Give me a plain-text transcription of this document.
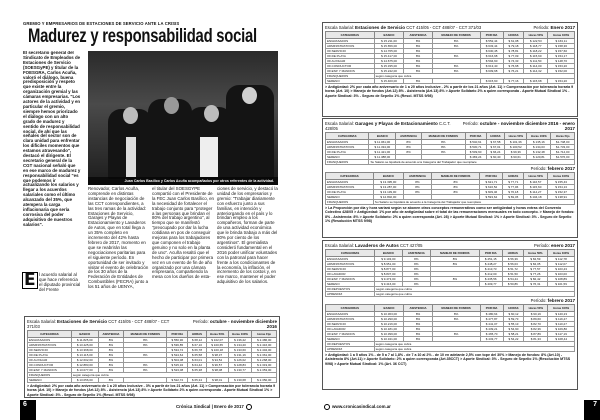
GREMIO Y EMPRESARIOS DE ESTACIONES DE SERVICIO ANTE LA CRISIS
Madurez y responsabilidad social
El secretario general del Sindicato de Empleados de Estaciones de Servicio (SOESGyPE) y titular de la FOESGRA, Carlos Acuña, valoró el diálogo, buena predisposición y respeto que existe entre la organización gremial y las cámaras empresarias. "Los actores de la actividad y en particular el gremio, siempre hemos priorizado el diálogo con un alto grado de madurez y sentido de responsabilidad social, de ahí que las señales del sector son de clara unidad para enfrentar los difíciles momentos que estamos atravesando", destacó el dirigente. El secretario general de la CGT nacional señaló que en ese marco de madurez y responsabilidad social "es que podemos ir actualizando los salarios y llegar a los acuerdos salariales como el último alcanzado del 35%, que atempera la carga inflacionaria que sería corrosiva del poder adquisitivo de nuestros salarios".
E l acuerdo salarial al que hace referencia el diputado provincial del Frente
Juan Carlos Basílico y Carlos Acuña acompañados por otros referentes de la actividad.
Renovador, Carlos Acuña, comprende en distintas instancias de negociación de las CCT correspondientes, a las tres ramas de la actividad: Estaciones de Servicio, Garajes y Playas de Estacionamiento y Lavaderos de Autos, que en total llega a un 35% completo en incremento del 42% hasta febrero de 2017, momento en que se reabrirán las negociaciones paritarias para el siguiente período. En oportunidad de ser invitado y visitar el evento de celebración de los 30 años de la Federación de Entidades de Combustibles (FECRA) junto a los 51 años de UENYA,
el titular del SOESGYPE compartió con el Presidente de la FEC Juan Carlos Basílico, en la necesidad de fortalecer el trabajo conjunto para "proteger a las personas que brindan el 80% del trabajo argentino", al tiempo que se manifestó "preocupado por dar la lucha cotidiana en pos de conseguir mejoras para los trabajadores que componen el trabajo genuino y no solo en la planta de uno". Acuña resaltó que el hecho de participar por primera vez en un evento de fin de año organizado por una cámara empresaria, compartiendo la mesa con los dueños de esta-
ciones de servicio, y destacó la unidad de los empresarios y gremio: "Trabajar diariamente con esfuerzo junto a sus familias, en intención y anteriorgando en el país y lo brindan empleo a los compañeros, forman de parte de una actividad económica que le brinda trabajo a más del 80% por ciento de los argentinos". El gremialista consideró fundamental en el 2016 poder unificar voluntades con la patronal para hacer frente a los condicionantes de la economía, la inflación, el incremento de los costos y, en ese marco, mantener el poder adquisitivo de los salarios.
Escala Salarial: Estaciones de Servicio CCT 415/05 - CCT 488/07 - CCT 371/03
Período: octubre - noviembre diciembre 2016
CATEGORIAS	BASICO	ASISTENCIA	MANEJO DE FONDOS	POR DIA	HORAS	Horas 50%	Horas 100%	Horas Fijo
ENGRASADOS	$ 11.825,00	8%	8%	$ 550,90	$ 68,12	$ 102,07	$ 136,22	$ 2.486,00
ADMINISTRATIVOS	$ 13.425,00	8%	8%	$ 536,85	$ 67,10	$ 100,65	$ 134,20	$ 2.416,00
OF.SERVICIO	$ 13.368,00	8%		$ 534,72	$ 66,78	$ 100,18	$ 133,60	$ 2.404,00
OF.DE PLAYA	$ 13.115,00	8%	8%	$ 524,64	$ 65,58	$ 98,37	$ 131,16	$ 2.361,00
OF.AUXILIAR	$ 12.602,00	8%		$ 504,08	$ 63,01	$ 94,52	$ 126,02	$ 2.268,00
OF.CONDUCTOR	$ 12.883,00	8%	8%	$ 515,32	$ 64,42	$ 96,57	$ 128,83	$ 2.319,00
OF.ESP. Y MANDOS	$ 13.077,00	8%	8%	$ 523,08	$ 65,38	$ 98,08	$ 130,77	$ 2.353,00
FRANQUEROS	según categoría que cubra							
SERENO	$ 13.056,00	8%		$ 522,72	$ 65,34	$ 98,01	$ 130,68	$ 2.350,00
> Antigüedad: 2% por cada año aniversario de 1 a 20 años inclusive - 3% a partir de los 21 años (Art. 11) > Compensación por tolerancia horaria 9 horas (Art. 10) > Manejo de fondos (Art.12) 8% - Asistencia (Art.13) 8% > Aporte Solidario 2% a quien corresponda - Aporte Mutual Sindical 1% > Aporte Sindical: 3% - Seguro de Sepelio 1% (Resol. MTSS 9/98)
6	Crónica Sindical | Enero de 2017
Escala Salarial: Estaciones de Servicio CCT 415/05 - CCT 488/07 - CCT 371/03	Período: Enero 2017
CATEGORIAS	BASICO	ASISTENCIA	MANEJO DE FONDOS	POR DIA	HORAS	Horas 50%	Horas 100%
ENGRASADOS	$ 15.211,00	8%	8%	$ 552,44	$ 61,08	$ 122,53	$ 163,11
ADMINISTRATIVOS	$ 15.656,00	8%	8%	$ 633,44	$ 79,18	$ 118,77	$ 158,36
OF.SERVICIO	$ 14.765,00	8%		$ 630,45	$ 78,81	$ 118,22	$ 157,60
OF.DE PLAYA	$ 15.417,00	8%	8%	$ 616,68	$ 77,09	$ 115,60	$ 154,17
OF.AUXILIAR	$ 14.675,00	8%		$ 594,60	$ 74,33	$ 111,50	$ 148,70
OF.CONDUCTOR	$ 15.335,00	8%	8%	$ 613,40	$ 76,68	$ 114,00	$ 153,20
OF.ESP. Y MANDOS	$ 15.242,00	8%	8%	$ 609,68	$ 76,21	$ 114,32	$ 152,00
FRANQUEROS	según categoría que cubra						
SERENO	$ 15.400,00	8%		$ 615,60	$ 77,16	$ 115,68	$ 154,20
> Antigüedad: 2% por cada año aniversario de 1 a 20 años inclusive - 2% a partir de los 21 años (Art. 11) > Compensación por tolerancia horaria 9 horas (Art. 10) > Manejo de fondos (Art.12) 8% - Asistencia (Art.13) 8% > Aporte Solidario 2% a quien corresponda - Aporte Mutual Sindical 1% - Aporte Sindical: 3% - Seguro de Sepelio 1% (Resol. MTSS 9/98)
Escala Salarial: Garages y Playas de Estacionamiento C.C.T. 428/05
Período: octubre - noviembre diciembre 2016 - enero 2017
CATEGORIAS	BASICO	ASISTENCIA	MANEJO DE FONDOS	POR DIA	HORAS	Horas 50%	Horas 100%	Horas Fijo
ENGRASADOS	$ 11.061,00	8%	8%	$ 540,61	$ 67,58	$ 101,36	$ 135,16	$1.748,00
ADMINISTRATIVOS	$ 11.334,00	8%	8%	$ 530,71	$ 67,01	$ 100,52	$ 134,03	$1.733,00
OF.DE PLAYA	$ 11.421,00	8%	8%	$ 509,60	$ 66,24	$ 99,36	$ 132,48	$1.714,00
SERENO	$ 11.388,00			$ 483,24	$ 60,40	$ 90,61	$ 120,81	$1.576,00
FRANQUEROS	Su Salario se liquidará de acuerdo a la Categoría del Trabajador que reemplace							
Período: febrero 2017
CATEGORIAS	BASICO	ASISTENCIA	MANEJO DE FONDOS	POR DIA	HORAS	Horas 50%	Horas 100%
ENGRASADOS	$ 13.395,00	8%	8%	$ 621,71	$ 77,71	$ 116,57	$ 155,43
ADMINISTRATIVOS	$ 13.287,00	8%	8%	$ 616,52	$ 77,06	$ 115,60	$ 154,13
OF.DE PLAYA	$ 13.139,00	8%	8%	$ 609,46	$ 76,18	$ 114,27	$ 152,37
SERENO	$ 12.802,00			$ 593,64	$ 69,45	$ 104,18	$ 138,91
FRANQUEROS	Su Salario se liquidará de acuerdo a la Categoría del Trabajador que reemplace						
> La Proporción por día y hora variará según se abonen otros conceptos remunerativos como ser antigüedad y horas extras del Convenio Colectivo 428/05 > Antigüedad: 1% por año de antigüedad sobre el total de las remuneraciones mensuales en todo concepto. > Manejo de fondos: 8% - Asistencia: 8% > Aporte Solidario: 2% a quien corresponda (Art. 28) > Aporte Mutual Sindical: 1% > Aporte Sindical: 3% - Seguro de Sepelio 1% (Resolución MTSS 9/98)
Escala Salarial: Lavaderos de Autos CCT 427/05	Período: enero 2017
CATEGORIAS	BASICO	ASISTENCIA	MANEJO DE FONDOS	POR DIA	HORAS	Horas 50%	Horas 100%
ENGRASADOS	$ 9.103,00	8%	8%	$ 451,15	$ 56,39	$ 84,59	$ 112,78
ADMINISTRATIVOS	$ 8.951,00	8%	8%	$ 448,27	$ 56,03	$ 84,05	$ 112,07
OF.SERVICIO	$ 8.877,00	8%		$ 413,73	$ 51,72	$ 77,57	$ 103,43
OF.LAVADOR	$ 8.837,00	8%		$ 412,00	$ 51,50	$ 77,26	$ 103,00
OF.ESP. Y MANDOS	$ 9.473,00	8%	8%	$ 435,56	$ 54,44	$ 82,42	$ 108,89
SERENO	$ 9.416,00	8%		$ 409,77	$ 50,86	$ 76,31	$ 101,59
OF.REPUESTOS	según categoría que cubra						
APRENDIZ	según categoría que cubra						
Período: febrero 2017
CATEGORIAS	BASICO	ASISTENCIA	MANEJO DE FONDOS	POR DIA	HORAS	Horas 50%	Horas 100%
ENGRASADOS	$ 10.363,00	8%	8%	$ 480,64	$ 60,12	$ 90,19	$ 120,23
ADMINISTRATIVOS	$ 10.290,00	8%	8%	$ 477,87	$ 59,73	$ 89,60	$ 119,47
OF.SERVICIO	$ 10.216,00	8%		$ 441,07	$ 55,13	$ 82,70	$ 110,27
OF.LAVADOR	$ 10.181,00	8%		$ 439,21	$ 54,90	$ 82,36	$ 109,80
OF.ESP. Y MANDOS	$ 10.399,00	8%	8%	$ 465,70	$ 58,21	$ 87,89	$ 117,19
SERENO	$ 10.341,00	8%		$ 433,77	$ 54,22	$ 81,33	$ 108,44
OF.REPUESTOS	según categoría que cubra						
APRENDIZ	según categoría que cubra						
> Antigüedad: 1 a 5 años 1% - de 5 a 7 al 1,8% - de 7 a 10 al 2% - de 10 en adelante 2,5% con tope del 30% > Manejo de fondos: 8% (Art.10) - Asistencia 8% (Art.11) > Aporte Solidario: 2% a quien corresponda (Art.35CCT) > Aporte Sindical: 3% - Seguro de Sepelio 1% (Resolución MTSS 9/98) > Aporte Mutual Sindical: 1% (Art. 36 CCT)
www.cronicasindical.com.ar	7
